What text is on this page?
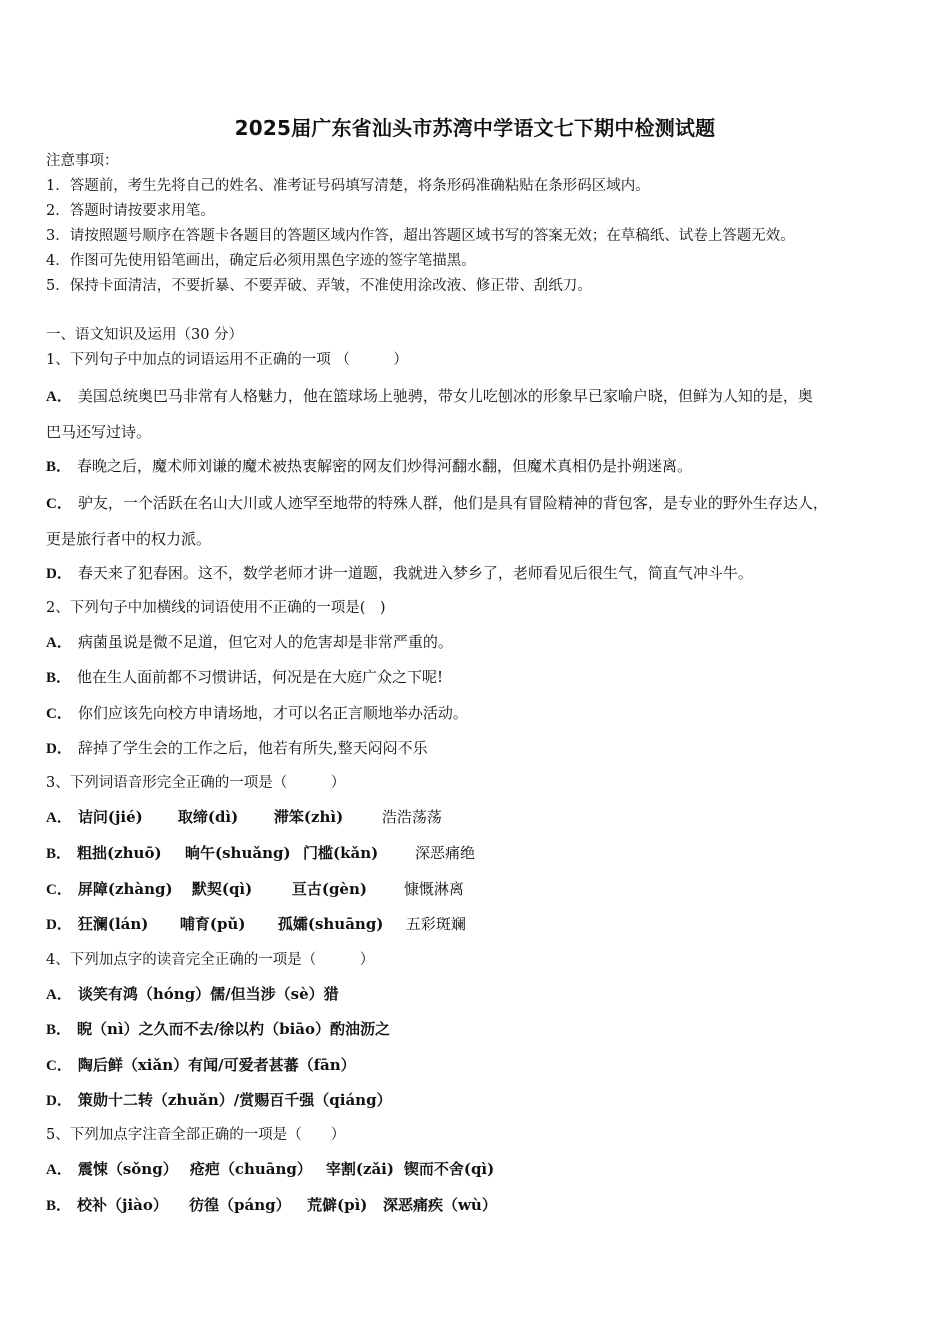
2025届广东省汕头市苏湾中学语文七下期中检测试题
注意事项：
1．答题前，考生先将自己的姓名、准考证号码填写清楚，将条形码准确粘贴在条形码区域内。
2．答题时请按要求用笔。
3．请按照题号顺序在答题卡各题目的答题区域内作答，超出答题区域书写的答案无效；在草稿纸、试卷上答题无效。
4．作图可先使用铅笔画出，确定后必须用黑色字迹的签字笔描黑。
5．保持卡面清洁，不要折暴、不要弄破、弄皱，不准使用涂改液、修正带、刮纸刀。
一、语文知识及运用（30 分）
1、下列句子中加点的词语运用不正确的一项 （　　　）
A． 美国总统奥巴马非常有人格魅力，他在篮球场上驰骋，带女儿吃刨冰的形象早已家喻户晓，但鲜为人知的是，奥
巴马还写过诗。
B． 春晚之后，魔术师刘谦的魔术被热衷解密的网友们炒得河翻水翻，但魔术真相仍是扑朔迷离。
C． 驴友，一个活跃在名山大川或人迹罕至地带的特殊人群，他们是具有冒险精神的背包客，是专业的野外生存达人，
更是旅行者中的权力派。
D． 春天来了犯春困。这不，数学老师才讲一道题，我就进入梦乡了，老师看见后很生气，简直气冲斗牛。
2、下列句子中加横线的词语使用不正确的一项是(　)
A． 病菌虽说是微不足道，但它对人的危害却是非常严重的。
B． 他在生人面前都不习惯讲话，何况是在大庭广众之下呢!
C． 你们应该先向校方申请场地，才可以名正言顺地举办活动。
D． 辞掉了学生会的工作之后，他若有所失,整天闷闷不乐
3、下列词语音形完全正确的一项是（　　　）
A． 诘问(jié) 取缔(dì) 滞笨(zhì)	浩浩荡荡
B． 粗拙(zhuō) 晌午(shuǎng) 门槛(kǎn) 深恶痛绝
C． 屏障(zhàng) 默契(qì)	亘古(gèn) 慷慨淋离
D． 狂澜(lán) 哺育(pǔ) 孤孀(shuāng) 五彩斑斓
4、下列加点字的读音完全正确的一项是（　　　）
A． 谈笑有鸿（hóng）儒/但当涉（sè）猎
B． 睨（nì）之久而不去/徐以杓（biāo）酌油沥之
C． 陶后鲜（xiǎn）有闻/可爱者甚蕃（fān）
D． 策勋十二转（zhuǎn）/赏赐百千强（qiáng）
5、下列加点字注音全部正确的一项是（　　）
A． 震悚（sǒng） 疮疤（chuāng） 宰割(zǎi) 锲而不舍(qì)
B． 校补（jiào） 彷徨（páng） 荒僻(pì) 深恶痛疾（wù）
